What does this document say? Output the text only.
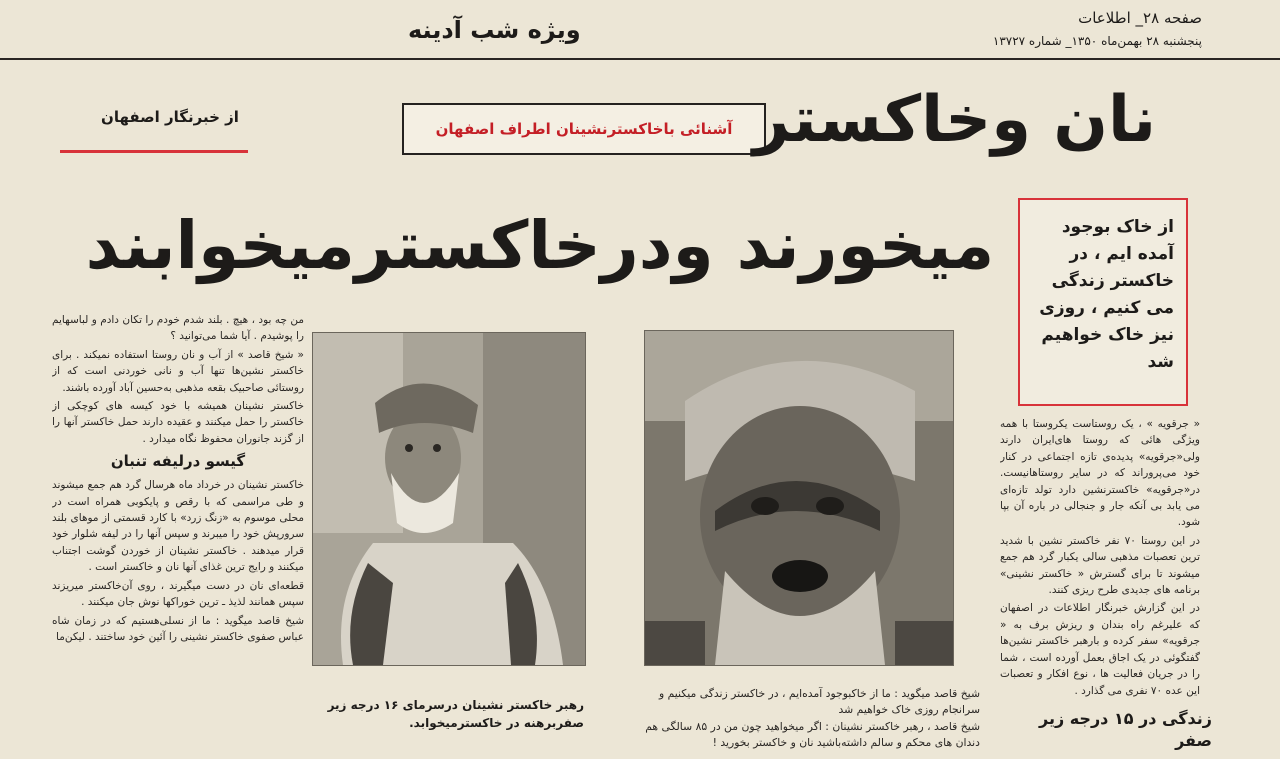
صفحه ۲۸_ اطلاعات
پنجشنبه ۲۸ بهمن‌ماه ۱۳۵۰_ شماره ۱۳۷۲۷
ویژه شب آدینه
از خبرنگار اصفهان
آشنائی باخاکسترنشینان اطراف اصفهان نان وخاکستر
میخورند ودرخاکسترمیخوابند	از خاک بوجود آمده ایم ، در خاکستر زندگی می کنیم ، روزی نیز خاک خواهیم شد

من چه بود ، هیچ . بلند شدم خودم را تکان دادم و لباسهایم را پوشیدم . آیا شما می‌توانید ؟

« شیخ قاصد » از آب و نان روستا استفاده نمیکند . برای خاکستر نشین‌ها تنها آب و نانی خوردنی است که از روستائی صاحبیک بقعه مذهبی به‌حسین آباد آورده باشند.

خاکستر نشینان همیشه با خود کیسه های کوچکی از خاکستر را حمل میکنند و عقیده دارند حمل خاکستر آنها را از گزند جانوران محفوظ نگاه میدارد .

گیسو درلیفه تنبان

خاکستر نشینان در خرداد ماه هرسال گرد هم جمع میشوند و طی مراسمی که با رقص و پایکوبی همراه است در محلی موسوم به «زنگ زرد» با کارد قسمتی از موهای بلند سرورپش خود را میبرند و سپس آنها را در لیفه شلوار خود قرار میدهند . خاکستر نشینان از خوردن گوشت اجتناب میکنند و رایج ترین غذای آنها نان و خاکستر است .

قطعه‌ای نان در دست میگیرند ، روی آن‌خاکستر میریزند سپس همانند لذیذ ـ ترین خوراکها نوش جان میکنند .

شیخ قاصد میگوید : ما از نسلی‌هستیم که در زمان شاه عباس صفوی خاکستر نشینی را آئین خود ساختند . لیکن‌ما

« جرقویه » ، یک روستاست یکروستا با همه ویژگی هائی که روستا های‌ایران دارند ولی‌«جرقویه» پدیده‌ی تازه اجتماعی در کنار خود می‌پروراند که در سایر روستاهانیست. در«جرقویه» خاکسترنشین دارد تولد تازه‌ای می یابد بی آنکه جار و جنجالی در باره آن بپا شود.

در این روستا ۷۰ نفر خاکستر نشین با شدید ترین تعصبات مذهبی سالی یکبار گرد هم جمع میشوند تا برای گسترش « خاکستر نشینی» برنامه های جدیدی طرح ریزی کنند.

در این گزارش خبرنگار اطلاعات در اصفهان که علیرغم راه بندان و ریزش برف به « جرقویه» سفر کرده و بارهبر خاکستر نشین‌ها گفتگوئی در یک اجاق بعمل آورده است ، شما را در جریان فعالیت ها ، نوع افکار و تعصبات این عده ۷۰ نفری می گذارد .

زندگی در ۱۵ درجه زیر صفر
رهبر خاکستر نشینان درسرمای ۱۶ درجه زیر صفربرهنه در خاکسترمیخوابد.

شیخ قاصد میگوید : ما از خاکبوجود آمده‌ایم ، در خاکستر زندگی میکنیم و سرانجام روزی خاک خواهیم شد

شیخ قاصد ، رهبر خاکستر نشینان : اگر میخواهید چون من در ۸۵ سالگی هم دندان های محکم و سالم داشته‌باشید نان و خاکستر بخورید !
